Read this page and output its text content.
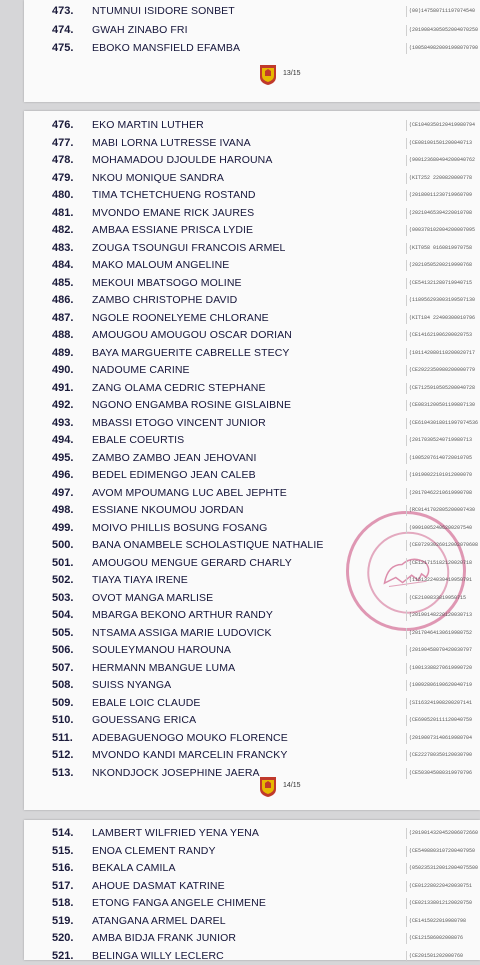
473.	NTUMNUI ISIDORE SONBET	(00)147580711197074540
474.	GWAH ZINABO FRI	(2019084305052004070250
475.	EBOKO MANSFIELD EFAMBA	(1005849820091998070790
13/15
476.	EKO MARTIN LUTHER	(CE1040350120419980794
477.	MABI LORNA LUTRESSE IVANA	(CE081001501200040713
478.	MOHAMADOU DJOULDE HAROUNA	(900123680494200040762
479.	NKOU MONIQUE SANDRA	(KIT252 2200820000778
480.	TIMA TCHETCHUENG ROSTAND	(20180011230719960709
481.	MVONDO EMANE RICK JAURES	(20210465394220010708
482.	AMBAA ESSIANE PRISCA LYDIE	(000378102004200007095
483.	ZOUGA TSOUNGUI FRANCOIS ARMEL	(KIT058 0160819970758
484.	MAKO MALOUM ANGELINE	(20210505200219990768
485.	MEKOUI MBATSOGO MOLINE	(CE541321280719940715
486.	ZAMBO CHRISTOPHE DAVID	(118956293003199507130
487.	NGOLE ROONELYEME CHLORANE	(KIT184 22490300010796
488.	AMOUGOU AMOUGOU OSCAR DORIAN	(CE141621906200020753
489.	BAYA MARGUERITE CABRELLE STECY	(101142080110200020717
490.	NADOUME CARINE	(CE2922350980200000779
491.	ZANG OLAMA CEDRIC STEPHANE	(CE7125910505200040728
492.	NGONO ENGAMBA ROSINE GISLAIBNE	(CE0831200501199807130
493.	MBASSI ETOGO VINCENT JUNIOR	(CE61043018011997074536
494.	EBALE COEURTIS	(20170305240719980713
495.	ZAMBO ZAMBO JEAN JEHOVANI	(10052076140720010705
496.	BEDEL EDIMENGO JEAN CALEB	(10190022101012000070
497.	AVOM MPOUMANG LUC ABEL JEPHTE	(20170462210619990708
498.	ESSIANE NKOUMOU JORDAN	(RC0141702805200007430
499.	MOIVO PHILLIS BOSUNG FOSANG	(99910052406200207540
500.	BANA ONAMBELE SCHOLASTIQUE NATHALIE	(CE07293026012002070608
501.	AMOUGOU MENGUE GERARD CHARLY	(CE121715182120020718
502.	TIAYA TIAYA IRENE	(11513224030419950791
503.	OVOT MANGA MARLISE	(CE2100833819950715
504.	MBARGA BEKONO ARTHUR RANDY	(20190148220120030713
505.	NTSAMA ASSIGA MARIE LUDOVICK	(20170464130619980752
506.	SOULEYMANOU HAROUNA	(20190458070420030797
507.	HERMANN MBANGUE LUMA	(10013388270619990720
508.	SUISS NYANGA	(10092806190620040719
509.	EBALE LOIC CLAUDE	(SI163241908200207141
510.	GOUESSANG ERICA	(CE690520111120040759
511.	ADEBAGUENOGO MOUKO FLORENCE	(20190073140619980704
512.	MVONDO KANDI MARCELIN FRANCKY	(CE222780350120030790
513.	NKONDJOCK JOSEPHINE JAERA	(CE503045080319970796
14/15
514.	LAMBERT WILFRIED YENA YENA	(2019014320452006072660
515.	ENOA CLEMENT RANDY	(CE5498803107200407950
516.	BEKALA CAMILA	(0502353120012004075500
517.	AHOUE DASMAT KATRINE	(CE012280220420030751
518.	ETONG FANGA ANGELE CHIMENE	(CE021338012120020750
519.	ATANGANA ARMEL DAREL	(CE1415022019980798
520.	AMBA BIDJA FRANK JUNIOR	(CE121586002008076
521.	BELINGA WILLY LECLERC	(CE201501202000760
